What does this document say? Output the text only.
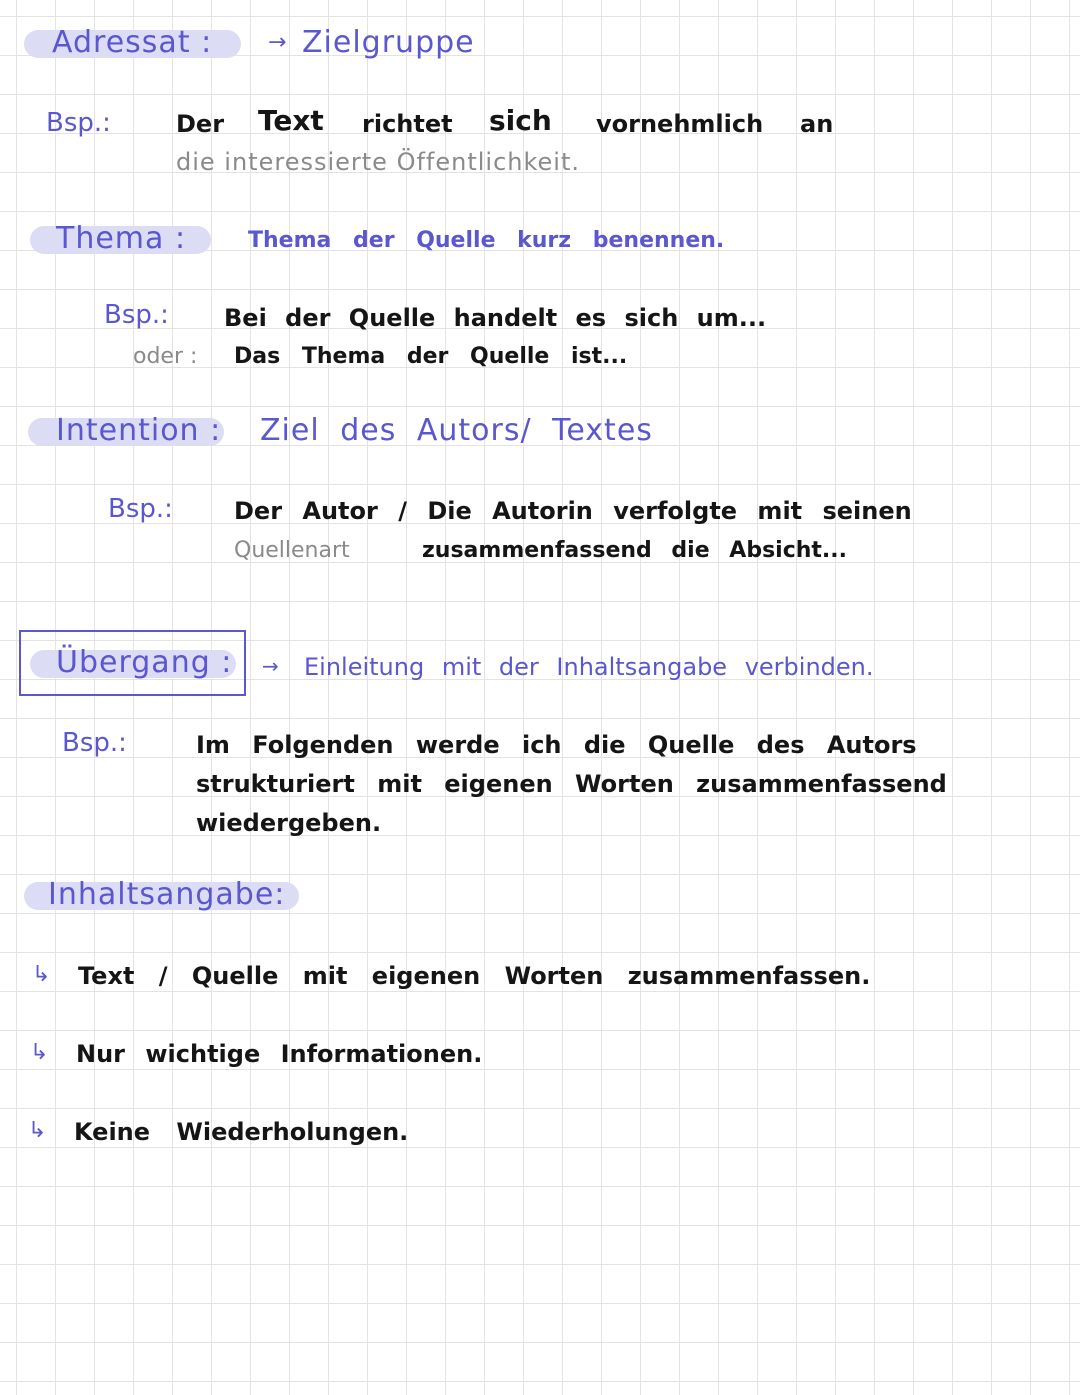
Adressat :	→ Zielgruppe
Bsp.:	Der Text richtet sich vornehmlich an
die interessierte Öffentlichkeit.
Thema :	Thema der Quelle kurz benennen.
Bsp.: Bei der Quelle handelt es sich um...
oder : Das Thema der Quelle ist...
Intention : Ziel des Autors/ Textes
Bsp.:	Der Autor / Die Autorin verfolgte mit seinen
Quellenart	zusammenfassend die Absicht...
Übergang : → Einleitung mit der Inhaltsangabe verbinden.
Bsp.:	Im Folgenden werde ich die Quelle des Autors
strukturiert mit eigenen Worten zusammenfassend
wiedergeben.
Inhaltsangabe:
↳ Text / Quelle mit eigenen Worten zusammenfassen.
↳ Nur wichtige Informationen.
↳ Keine Wiederholungen.
